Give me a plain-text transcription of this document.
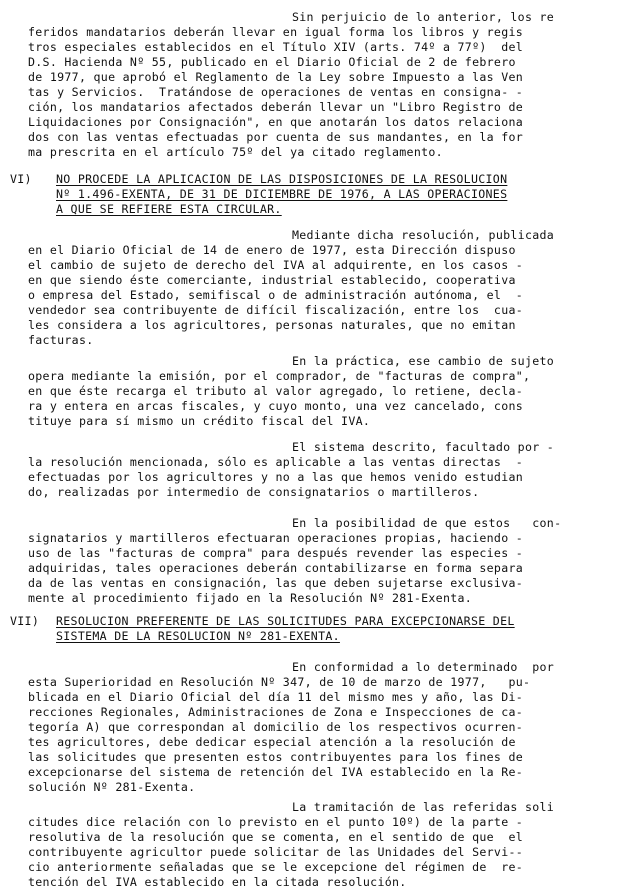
Sin perjuicio de lo anterior, los re
feridos mandatarios deberán llevar en igual forma los libros y regis
tros especiales establecidos en el Título XIV (arts. 74º a 77º)  del
D.S. Hacienda Nº 55, publicado en el Diario Oficial de 2 de febrero
de 1977, que aprobó el Reglamento de la Ley sobre Impuesto a las Ven
tas y Servicios.  Tratándose de operaciones de ventas en consigna- -
ción, los mandatarios afectados deberán llevar un "Libro Registro de
Liquidaciones por Consignación", en que anotarán los datos relaciona
dos con las ventas efectuadas por cuenta de sus mandantes, en la for
ma prescrita en el artículo 75º del ya citado reglamento.
VI) NO PROCEDE LA APLICACION DE LAS DISPOSICIONES DE LA RESOLUCION
Nº 1.496-EXENTA, DE 31 DE DICIEMBRE DE 1976, A LAS OPERACIONES
A QUE SE REFIERE ESTA CIRCULAR.
Mediante dicha resolución, publicada
en el Diario Oficial de 14 de enero de 1977, esta Dirección dispuso
el cambio de sujeto de derecho del IVA al adquirente, en los casos -
en que siendo éste comerciante, industrial establecido, cooperativa
o empresa del Estado, semifiscal o de administración autónoma, el  -
vendedor sea contribuyente de difícil fiscalización, entre los  cua-
les considera a los agricultores, personas naturales, que no emitan
facturas.
En la práctica, ese cambio de sujeto
opera mediante la emisión, por el comprador, de "facturas de compra",
en que éste recarga el tributo al valor agregado, lo retiene, decla-
ra y entera en arcas fiscales, y cuyo monto, una vez cancelado, cons
tituye para sí mismo un crédito fiscal del IVA.
El sistema descrito, facultado por -
la resolución mencionada, sólo es aplicable a las ventas directas  -
efectuadas por los agricultores y no a las que hemos venido estudian
do, realizadas por intermedio de consignatarios o martilleros.
En la posibilidad de que estos   con-
signatarios y martilleros efectuaran operaciones propias, haciendo -
uso de las "facturas de compra" para después revender las especies -
adquiridas, tales operaciones deberán contabilizarse en forma separa
da de las ventas en consignación, las que deben sujetarse exclusiva-
mente al procedimiento fijado en la Resolución Nº 281-Exenta.
VII) RESOLUCION PREFERENTE DE LAS SOLICITUDES PARA EXCEPCIONARSE DEL
SISTEMA DE LA RESOLUCION Nº 281-EXENTA.
En conformidad a lo determinado  por
esta Superioridad en Resolución Nº 347, de 10 de marzo de 1977,   pu-
blicada en el Diario Oficial del día 11 del mismo mes y año, las Di-
recciones Regionales, Administraciones de Zona e Inspecciones de ca-
tegoría A) que correspondan al domicilio de los respectivos ocurren-
tes agricultores, debe dedicar especial atención a la resolución de
las solicitudes que presenten estos contribuyentes para los fines de
excepcionarse del sistema de retención del IVA establecido en la Re-
solución Nº 281-Exenta.
La tramitación de las referidas soli
citudes dice relación con lo previsto en el punto 10º) de la parte -
resolutiva de la resolución que se comenta, en el sentido de que  el
contribuyente agricultor puede solicitar de las Unidades del Servi--
cio anteriormente señaladas que se le excepcione del régimen de  re-
tención del IVA establecido en la citada resolución.
